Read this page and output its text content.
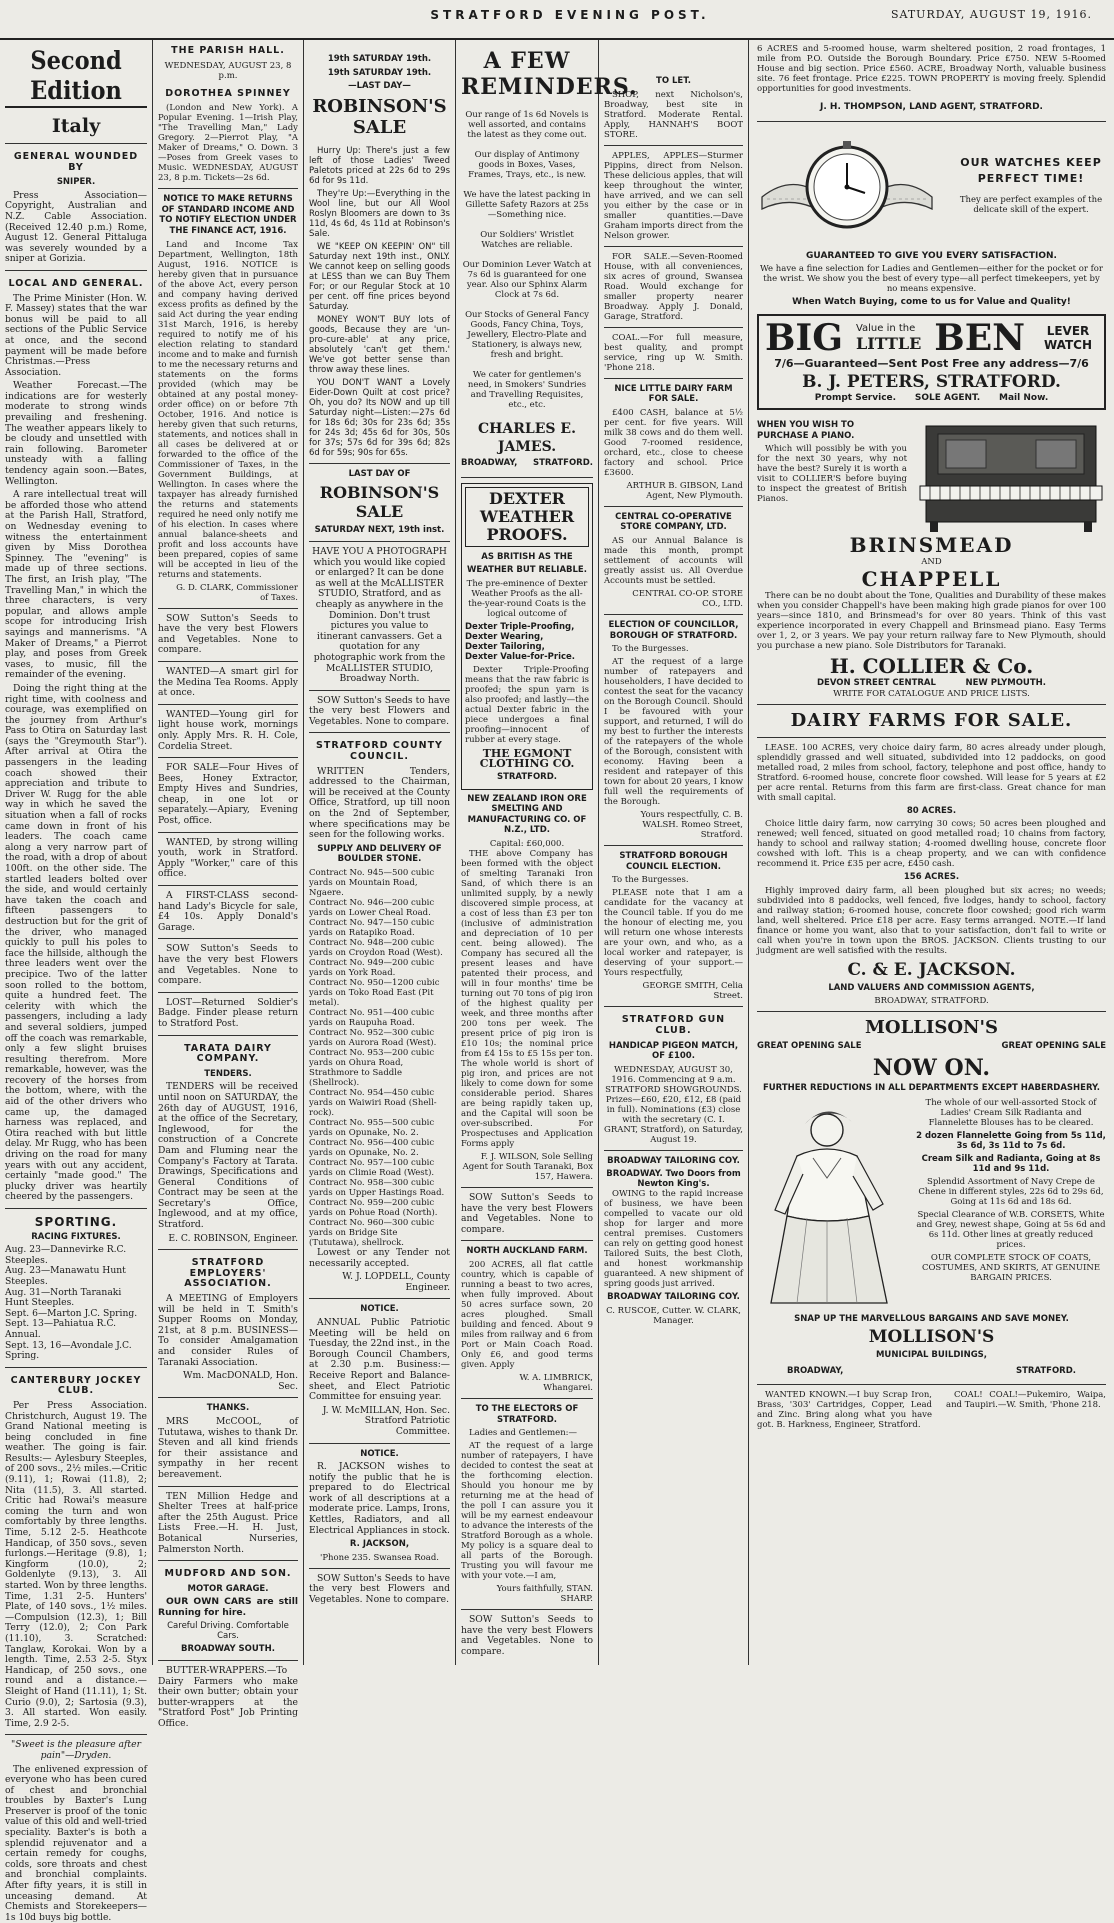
STRATFORD EVENING POST.	SATURDAY, AUGUST 19, 1916.
Second Edition
Italy
GENERAL WOUNDED BY
SNIPER.

Press Association—Copyright, Australian and N.Z. Cable Association. (Received 12.40 p.m.) Rome, August 12. General Pittaluga was severely wounded by a sniper at Gorizia.

LOCAL AND GENERAL.

The Prime Minister (Hon. W. F. Massey) states that the war bonus will be paid to all sections of the Public Service at once, and the second payment will be made before Christmas.—Press Association.

Weather Forecast.—The indications are for westerly moderate to strong winds prevailing and freshening. The weather appears likely to be cloudy and unsettled with rain following. Barometer unsteady with a falling tendency again soon.—Bates, Wellington.

A rare intellectual treat will be afforded those who attend at the Parish Hall, Stratford, on Wednesday evening to witness the entertainment given by Miss Dorothea Spinney. The "evening" is made up of three sections. The first, an Irish play, "The Travelling Man," in which the three characters, is very popular, and allows ample scope for introducing Irish sayings and mannerisms. "A Maker of Dreams," a Pierrot play, and poses from Greek vases, to music, fill the remainder of the evening.

Doing the right thing at the right time, with coolness and courage, was exemplified on the journey from Arthur's Pass to Otira on Saturday last (says the "Greymouth Star"). After arrival at Otira the passengers in the leading coach showed their appreciation and tribute to Driver W. Rugg for the able way in which he saved the situation when a fall of rocks came down in front of his leaders. The coach came along a very narrow part of the road, with a drop of about 100ft. on the other side. The startled leaders bolted over the side, and would certainly have taken the coach and fifteen passengers to destruction but for the grit of the driver, who managed quickly to pull his poles to face the hillside, although the three leaders went over the precipice. Two of the latter soon rolled to the bottom, quite a hundred feet. The celerity with which the passengers, including a lady and several soldiers, jumped off the coach was remarkable, only a few slight bruises resulting therefrom. More remarkable, however, was the recovery of the horses from the bottom, where, with the aid of the other drivers who came up, the damaged harness was replaced, and Otira reached with but little delay. Mr Rugg, who has been driving on the road for many years with out any accident, certainly "made good." The plucky driver was heartily cheered by the passengers.

SPORTING.
RACING FIXTURES.
Aug. 23—Dannevirke R.C. Steeples.
Aug. 23—Manawatu Hunt Steeples.
Aug. 31—North Taranaki Hunt Steeples.
Sept. 6—Marton J.C. Spring.
Sept. 13—Pahiatua R.C. Annual.
Sept. 13, 16—Avondale J.C. Spring.
CANTERBURY JOCKEY CLUB.

Per Press Association. Christchurch, August 19. The Grand National meeting is being concluded in fine weather. The going is fair. Results:— Aylesbury Steeples, of 200 sovs., 2½ miles.—Critic (9.11), 1; Rowai (11.8), 2; Nita (11.5), 3. All started. Critic had Rowai's measure coming the turn and won comfortably by three lengths. Time, 5.12 2-5. Heathcote Handicap, of 350 sovs., seven furlongs.—Heritage (9.8), 1; Kingform (10.0), 2; Goldenlyte (9.13), 3. All started. Won by three lengths. Time, 1.31 2-5. Hunters' Plate, of 140 sovs., 1½ miles.—Compulsion (12.3), 1; Bill Terry (12.0), 2; Con Park (11.10), 3. Scratched: Tanglaw, Korokai. Won by a length. Time, 2.53 2-5. Styx Handicap, of 250 sovs., one round and a distance.—Sleight of Hand (11.11), 1; St. Curio (9.0), 2; Sartosia (9.3), 3. All started. Won easily. Time, 2.9 2-5.

"Sweet is the pleasure after pain"—Dryden.

The enlivened expression of everyone who has been cured of chest and bronchial troubles by Baxter's Lung Preserver is proof of the tonic value of this old and well-tried speciality. Baxter's is both a splendid rejuvenator and a certain remedy for coughs, colds, sore throats and chest and bronchial complaints. After fifty years, it is still in unceasing demand. At Chemists and Storekeepers—1s 10d buys big bottle.

THE PARISH HALL.
WEDNESDAY, AUGUST 23, 8 p.m.
DOROTHEA SPINNEY

(London and New York). A Popular Evening. 1—Irish Play, "The Travelling Man," Lady Gregory. 2—Pierrot Play, "A Maker of Dreams," O. Down. 3—Poses from Greek vases to Music. WEDNESDAY, AUGUST 23, 8 p.m. Tickets—2s 6d.

NOTICE TO MAKE RETURNS OF STANDARD INCOME AND TO NOTIFY ELECTION UNDER THE FINANCE ACT, 1916.

Land and Income Tax Department, Wellington, 18th August, 1916. NOTICE is hereby given that in pursuance of the above Act, every person and company having derived excess profits as defined by the said Act during the year ending 31st March, 1916, is hereby required to notify me of his election relating to standard income and to make and furnish to me the necessary returns and statements on the forms provided (which may be obtained at any postal money-order office) on or before 7th October, 1916. And notice is hereby given that such returns, statements, and notices shall in all cases be delivered at or forwarded to the office of the Commissioner of Taxes, in the Government Buildings, at Wellington. In cases where the taxpayer has already furnished the returns and statements required he need only notify me of his election. In cases where annual balance-sheets and profit and loss accounts have been prepared, copies of same will be accepted in lieu of the returns and statements.

G. D. CLARK, Commissioner of Taxes.

SOW Sutton's Seeds to have the very best Flowers and Vegetables. None to compare.

WANTED—A smart girl for the Medina Tea Rooms. Apply at once.

WANTED—Young girl for light house work, mornings only. Apply Mrs. R. H. Cole, Cordelia Street.

FOR SALE—Four Hives of Bees, Honey Extractor, Empty Hives and Sundries, cheap, in one lot or separately.—Apiary, Evening Post, office.

WANTED, by strong willing youth, work in Stratford. Apply "Worker," care of this office.

A FIRST-CLASS second-hand Lady's Bicycle for sale, £4 10s. Apply Donald's Garage.

SOW Sutton's Seeds to have the very best Flowers and Vegetables. None to compare.

LOST—Returned Soldier's Badge. Finder please return to Stratford Post.

TARATA DAIRY COMPANY.
TENDERS.

TENDERS will be received until noon on SATURDAY, the 26th day of AUGUST, 1916, at the office of the Secretary, Inglewood, for the construction of a Concrete Dam and Fluming near the Company's Factory at Tarata. Drawings, Specifications and General Conditions of Contract may be seen at the Secretary's Office, Inglewood, and at my office, Stratford.

E. C. ROBINSON, Engineer.

STRATFORD EMPLOYERS' ASSOCIATION.

A MEETING of Employers will be held in T. Smith's Supper Rooms on Monday, 21st, at 8 p.m. BUSINESS—To consider Amalgamation and consider Rules of Taranaki Association.

Wm. MacDONALD, Hon. Sec.

THANKS.

MRS McCOOL, of Tututawa, wishes to thank Dr. Steven and all kind friends for their assistance and sympathy in her recent bereavement.

TEN Million Hedge and Shelter Trees at half-price after the 25th August. Price Lists Free.—H. H. Just, Botanical Nurseries, Palmerston North.

MUDFORD AND SON.
MOTOR GARAGE.

OUR OWN CARS are still Running for hire.

Careful Driving. Comfortable Cars.

BROADWAY SOUTH.

BUTTER-WRAPPERS.—To Dairy Farmers who make their own butter; obtain your butter-wrappers at the "Stratford Post" Job Printing Office.

19th SATURDAY 19th.
19th SATURDAY 19th.
—LAST DAY—
ROBINSON'S SALE

Hurry Up: There's just a few left of those Ladies' Tweed Paletots priced at 22s 6d to 29s 6d for 9s 11d.

They're Up:—Everything in the Wool line, but our All Wool Roslyn Bloomers are down to 3s 11d, 4s 6d, 4s 11d at Robinson's Sale.

WE "KEEP ON KEEPIN' ON" till Saturday next 19th inst., ONLY. We cannot keep on selling goods at LESS than we can Buy Them For; or our Regular Stock at 10 per cent. off fine prices beyond Saturday.

MONEY WON'T BUY lots of goods, Because they are 'un-pro-cure-able' at any price, absolutely 'can't get them.' We've got better sense than throw away these lines.

YOU DON'T WANT a Lovely Eider-Down Quilt at cost price? Oh, you do? Its NOW and up till Saturday night—Listen:—27s 6d for 18s 6d; 30s for 23s 6d; 35s for 24s 3d; 45s 6d for 30s, 50s for 37s; 57s 6d for 39s 6d; 82s 6d for 59s; 90s for 65s.

LAST DAY OF
ROBINSON'S SALE
SATURDAY NEXT, 19th inst.

HAVE YOU A PHOTOGRAPH which you would like copied or enlarged? It can be done as well at the McALLISTER STUDIO, Stratford, and as cheaply as anywhere in the Dominion. Don't trust pictures you value to itinerant canvassers. Get a quotation for any photographic work from the McALLISTER STUDIO, Broadway North.

SOW Sutton's Seeds to have the very best Flowers and Vegetables. None to compare.

STRATFORD COUNTY COUNCIL.

WRITTEN Tenders, addressed to the Chairman, will be received at the County Office, Stratford, up till noon on the 2nd of September, where specifications may be seen for the following works.

SUPPLY AND DELIVERY OF BOULDER STONE.
Contract No. 945—500 cubic yards on Mountain Road, Ngaere.
Contract No. 946—200 cubic yards on Lower Cheal Road.
Contract No. 947—150 cubic yards on Ratapiko Road.
Contract No. 948—200 cubic yards on Croydon Road (West).
Contract No. 949—200 cubic yards on York Road.
Contract No. 950—1200 cubic yards on Toko Road East (Pit metal).
Contract No. 951—400 cubic yards on Raupuha Road.
Contract No. 952—300 cubic yards on Aurora Road (West).
Contract No. 953—200 cubic yards on Ohura Road, Strathmore to Saddle (Shellrock).
Contract No. 954—450 cubic yards on Waiwiri Road (Shell-rock).
Contract No. 955—500 cubic yards on Opunake, No. 2.
Contract No. 956—400 cubic yards on Opunake, No. 2.
Contract No. 957—100 cubic yards on Climie Road (West).
Contract No. 958—300 cubic yards on Upper Hastings Road.
Contract No. 959—200 cubic yards on Pohue Road (North).
Contract No. 960—300 cubic yards on Bridge Site (Tututawa), shellrock.

Lowest or any Tender not necessarily accepted.

W. J. LOPDELL, County Engineer.

NOTICE.

ANNUAL Public Patriotic Meeting will be held on Tuesday, the 22nd inst., in the Borough Council Chambers, at 2.30 p.m. Business:—Receive Report and Balance-sheet, and Elect Patriotic Committee for ensuing year.

J. W. McMILLAN, Hon. Sec. Stratford Patriotic Committee.

NOTICE.

R. JACKSON wishes to notify the public that he is prepared to do Electrical work of all descriptions at a moderate price. Lamps, Irons, Kettles, Radiators, and all Electrical Appliances in stock.

R. JACKSON,

'Phone 235. Swansea Road.

SOW Sutton's Seeds to have the very best Flowers and Vegetables. None to compare.

A FEW REMINDERS.

Our range of 1s 6d Novels is well assorted, and contains the latest as they come out.

Our display of Antimony goods in Boxes, Vases, Frames, Trays, etc., is new.

We have the latest packing in Gillette Safety Razors at 25s —Something nice.

Our Soldiers' Wristlet Watches are reliable.

Our Dominion Lever Watch at 7s 6d is guaranteed for one year. Also our Sphinx Alarm Clock at 7s 6d.

Our Stocks of General Fancy Goods, Fancy China, Toys, Jewellery, Electro-Plate and Stationery, is always new, fresh and bright.

We cater for gentlemen's need, in Smokers' Sundries and Travelling Requisites, etc., etc.

CHARLES E. JAMES.
BROADWAY, STRATFORD.
DEXTER WEATHER PROOFS.
AS BRITISH AS THE
WEATHER BUT RELIABLE.

The pre-eminence of Dexter Weather Proofs as the all-the-year-round Coats is the logical outcome of

Dexter Triple-Proofing,
Dexter Wearing,
Dexter Tailoring,
Dexter Value-for-Price.

Dexter Triple-Proofing means that the raw fabric is proofed; the spun yarn is also proofed; and lastly—the actual Dexter fabric in the piece undergoes a final proofing—innocent of rubber at every stage.

THE EGMONT CLOTHING CO.
STRATFORD.
NEW ZEALAND IRON ORE SMELTING AND MANUFACTURING CO. OF N.Z., LTD.
Capital: £60,000.

THE above Company has been formed with the object of smelting Taranaki Iron Sand, of which there is an unlimited supply, by a newly discovered simple process, at a cost of less than £3 per ton (inclusive of administration and depreciation of 10 per cent. being allowed). The Company has secured all the present leases and have patented their process, and will in four months' time be turning out 70 tons of pig iron of the highest quality per week, and three months after 200 tons per week. The present price of pig iron is £10 10s; the nominal price from £4 15s to £5 15s per ton. The whole world is short of pig iron, and prices are not likely to come down for some considerable period. Shares are being rapidly taken up, and the Capital will soon be over-subscribed. For Prospectuses and Application Forms apply

F. J. WILSON, Sole Selling Agent for South Taranaki, Box 157, Hawera.

SOW Sutton's Seeds to have the very best Flowers and Vegetables. None to compare.

NORTH AUCKLAND FARM.

200 ACRES, all flat cattle country, which is capable of running a beast to two acres, when fully improved. About 50 acres surface sown, 20 acres ploughed. Small building and fenced. About 9 miles from railway and 6 from Port or Main Coach Road. Only £6, and good terms given. Apply

W. A. LIMBRICK, Whangarei.

TO THE ELECTORS OF STRATFORD.

Ladies and Gentlemen:—

AT the request of a large number of ratepayers, I have decided to contest the seat at the forthcoming election. Should you honour me by returning me at the head of the poll I can assure you it will be my earnest endeavour to advance the interests of the Stratford Borough as a whole. My policy is a square deal to all parts of the Borough. Trusting you will favour me with your vote.—I am,

Yours faithfully, STAN. SHARP.

SOW Sutton's Seeds to have the very best Flowers and Vegetables. None to compare.

TO LET.

SHOP, next Nicholson's, Broadway, best site in Stratford. Moderate Rental. Apply, HANNAH'S BOOT STORE.

APPLES, APPLES—Sturmer Pippins, direct from Nelson. These delicious apples, that will keep throughout the winter, have arrived, and we can sell you either by the case or in smaller quantities.—Dave Graham imports direct from the Nelson grower.

FOR SALE.—Seven-Roomed House, with all conveniences, six acres of ground, Swansea Road. Would exchange for smaller property nearer Broadway. Apply J. Donald, Garage, Stratford.

COAL.—For full measure, best quality, and prompt service, ring up W. Smith. 'Phone 218.

NICE LITTLE DAIRY FARM FOR SALE.

£400 CASH, balance at 5½ per cent. for five years. Will milk 38 cows and do them well. Good 7-roomed residence, orchard, etc., close to cheese factory and school. Price £3600.

ARTHUR B. GIBSON, Land Agent, New Plymouth.

CENTRAL CO-OPERATIVE STORE COMPANY, LTD.

AS our Annual Balance is made this month, prompt settlement of accounts will greatly assist us. All Overdue Accounts must be settled.

CENTRAL CO-OP. STORE CO., LTD.

ELECTION OF COUNCILLOR, BOROUGH OF STRATFORD.

To the Burgesses.

AT the request of a large number of ratepayers and householders, I have decided to contest the seat for the vacancy on the Borough Council. Should I be favoured with your support, and returned, I will do my best to further the interests of the ratepayers of the whole of the Borough, consistent with economy. Having been a resident and ratepayer of this town for about 20 years, I know full well the requirements of the Borough.

Yours respectfully, C. B. WALSH. Romeo Street, Stratford.

STRATFORD BOROUGH COUNCIL ELECTION.

To the Burgesses.

PLEASE note that I am a candidate for the vacancy at the Council table. If you do me the honour of electing me, you will return one whose interests are your own, and who, as a local worker and ratepayer, is deserving of your support.—Yours respectfully,

GEORGE SMITH, Celia Street.

STRATFORD GUN CLUB.
HANDICAP PIGEON MATCH, OF £100.

WEDNESDAY, AUGUST 30, 1916. Commencing at 9 a.m. STRATFORD SHOWGROUNDS. Prizes—£60, £20, £12, £8 (paid in full). Nominations (£3) close with the secretary (C. I. GRANT, Stratford), on Saturday, August 19.

BROADWAY TAILORING COY.
BROADWAY. Two Doors from Newton King's.

OWING to the rapid increase of business, we have been compelled to vacate our old shop for larger and more central premises. Customers can rely on getting good honest Tailored Suits, the best Cloth, and honest workmanship guaranteed. A new shipment of spring goods just arrived.

BROADWAY TAILORING COY.
C. RUSCOE, Cutter. W. CLARK, Manager.

6 ACRES and 5-roomed house, warm sheltered position, 2 road frontages, 1 mile from P.O. Outside the Borough Boundary. Price £750. NEW 5-Roomed House and big section. Price £560. ACRE, Broadway North, valuable business site. 76 feet frontage. Price £225. TOWN PROPERTY is moving freely. Splendid opportunities for good investments.

J. H. THOMPSON, LAND AGENT, STRATFORD.
OUR WATCHES KEEP PERFECT TIME!

They are perfect examples of the delicate skill of the expert.

GUARANTEED TO GIVE YOU EVERY SATISFACTION.

We have a fine selection for Ladies and Gentlemen—either for the pocket or for the wrist. We show you the best of every type—all perfect timekeepers, yet by no means expensive.

When Watch Buying, come to us for Value and Quality!
BIG Value in the
LITTLE BEN	LEVER WATCH
7/6—Guaranteed—Sent Post Free any address—7/6
B. J. PETERS, STRATFORD.
Prompt Service.      SOLE AGENT.      Mail Now.
WHEN YOU WISH TO PURCHASE A PIANO.

Which will possibly be with you for the next 30 years, why not have the best? Surely it is worth a visit to COLLIER'S before buying to inspect the greatest of British Pianos.

BRINSMEAD
AND
CHAPPELL

There can be no doubt about the Tone, Qualities and Durability of these makes when you consider Chappell's have been making high grade pianos for over 100 years—since 1810, and Brinsmead's for over 80 years. Think of this vast experience incorporated in every Chappell and Brinsmead piano. Easy Terms over 1, 2, or 3 years. We pay your return railway fare to New Plymouth, should you purchase a new piano. Sole Distributors for Taranaki.

H. COLLIER & Co.
DEVON STREET CENTRAL          NEW PLYMOUTH.
WRITE FOR CATALOGUE AND PRICE LISTS.
DAIRY FARMS FOR SALE.

LEASE. 100 ACRES, very choice dairy farm, 80 acres already under plough, splendidly grassed and well situated, subdivided into 12 paddocks, on good metalled road, 2 miles from school, factory, telephone and post office, handy to Stratford. 6-roomed house, concrete floor cowshed. Will lease for 5 years at £2 per acre rental. Returns from this farm are first-class. Great chance for man with small capital.

80 ACRES.

Choice little dairy farm, now carrying 30 cows; 50 acres been ploughed and renewed; well fenced, situated on good metalled road; 10 chains from factory, handy to school and railway station; 4-roomed dwelling house, concrete floor cowshed with loft. This is a cheap property, and we can with confidence recommend it. Price £35 per acre, £450 cash.

156 ACRES.

Highly improved dairy farm, all been ploughed but six acres; no weeds; subdivided into 8 paddocks, well fenced, five lodges, handy to school, factory and railway station; 6-roomed house, concrete floor cowshed; good rich warm land, well sheltered. Price £18 per acre. Easy terms arranged. NOTE.—If land finance or home you want, also that to your satisfaction, don't fail to write or call when you're in town upon the BROS. JACKSON. Clients trusting to our judgment are well satisfied with the results.

C. & E. JACKSON.
LAND VALUERS AND COMMISSION AGENTS,
BROADWAY, STRATFORD.
MOLLISON'S
GREAT OPENING SALE	GREAT OPENING SALE
NOW ON.
FURTHER REDUCTIONS IN ALL DEPARTMENTS EXCEPT HABERDASHERY.

The whole of our well-assorted Stock of Ladies' Cream Silk Radianta and Flannelette Blouses has to be cleared.

2 dozen Flannelette Going from 5s 11d, 3s 6d, 3s 11d to 7s 6d.

Cream Silk and Radianta, Going at 8s 11d and 9s 11d.

Splendid Assortment of Navy Crepe de Chene in different styles, 22s 6d to 29s 6d, Going at 11s 6d and 18s 6d.

Special Clearance of W.B. CORSETS, White and Grey, newest shape, Going at 5s 6d and 6s 11d. Other lines at greatly reduced prices.

OUR COMPLETE STOCK OF COATS, COSTUMES, AND SKIRTS, AT GENUINE BARGAIN PRICES.

SNAP UP THE MARVELLOUS BARGAINS AND SAVE MONEY.
MOLLISON'S
MUNICIPAL BUILDINGS,
BROADWAY,	STRATFORD.

WANTED KNOWN.—I buy Scrap Iron, Brass, '303' Cartridges, Copper, Lead and Zinc. Bring along what you have got. B. Harkness, Engineer, Stratford.

COAL! COAL!—Pukemiro, Waipa, and Taupiri.—W. Smith, 'Phone 218.
